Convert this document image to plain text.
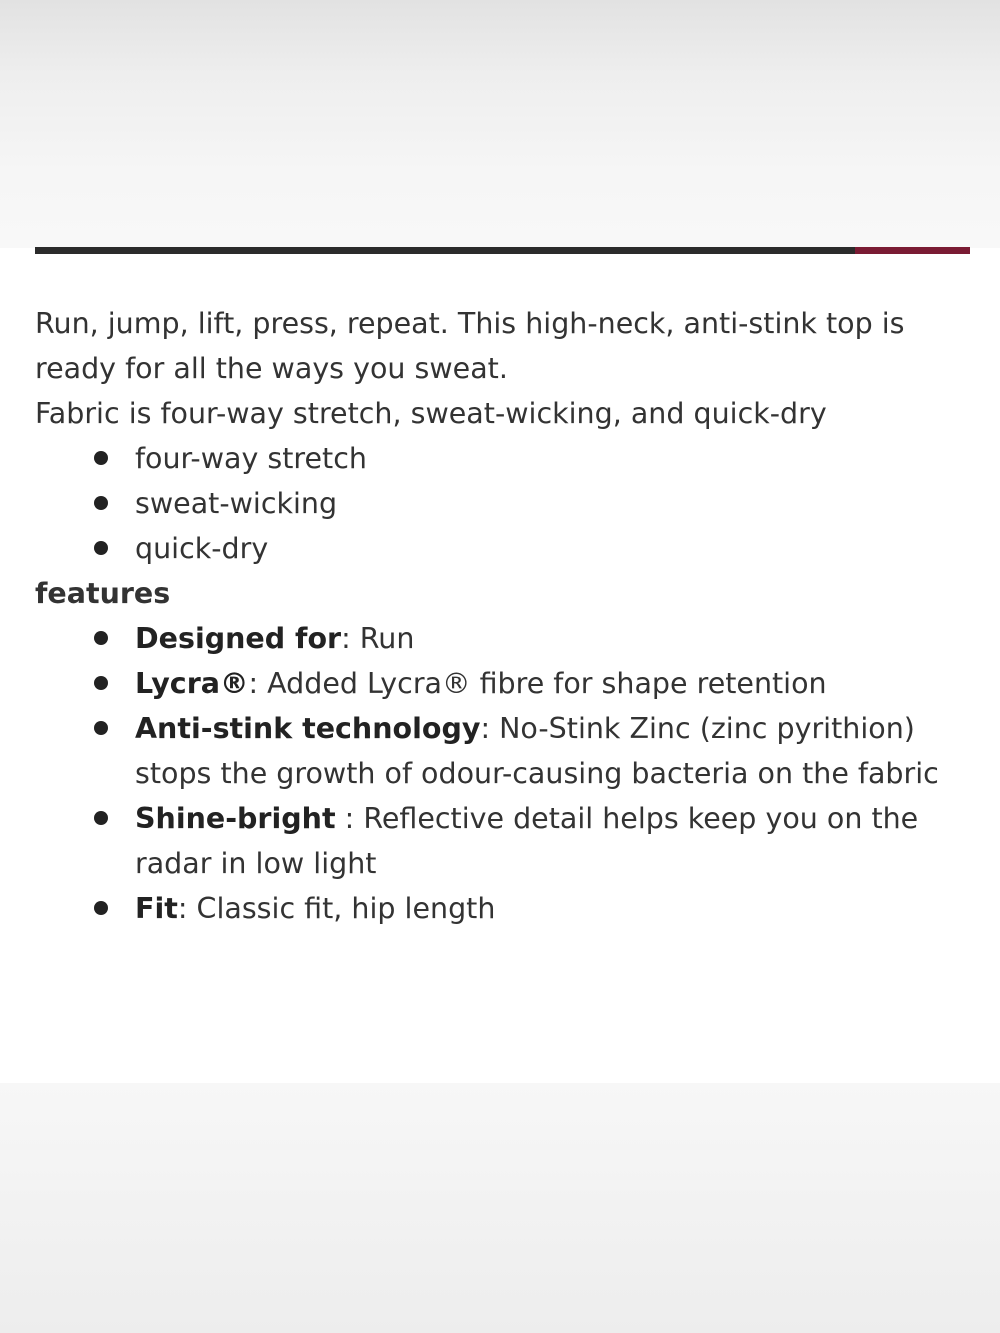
Run, jump, lift, press, repeat. This high-neck, anti-stink top is ready for all the ways you sweat.

Fabric is four-way stretch, sweat-wicking, and quick-dry

four-way stretch
sweat-wicking
quick-dry

features

Designed for: Run
Lycra®: Added Lycra® fibre for shape retention
Anti-stink technology: No-Stink Zinc (zinc pyrithion) stops the growth of odour-causing bacteria on the fabric
Shine-bright : Reflective detail helps keep you on the radar in low light
Fit: Classic fit, hip length
